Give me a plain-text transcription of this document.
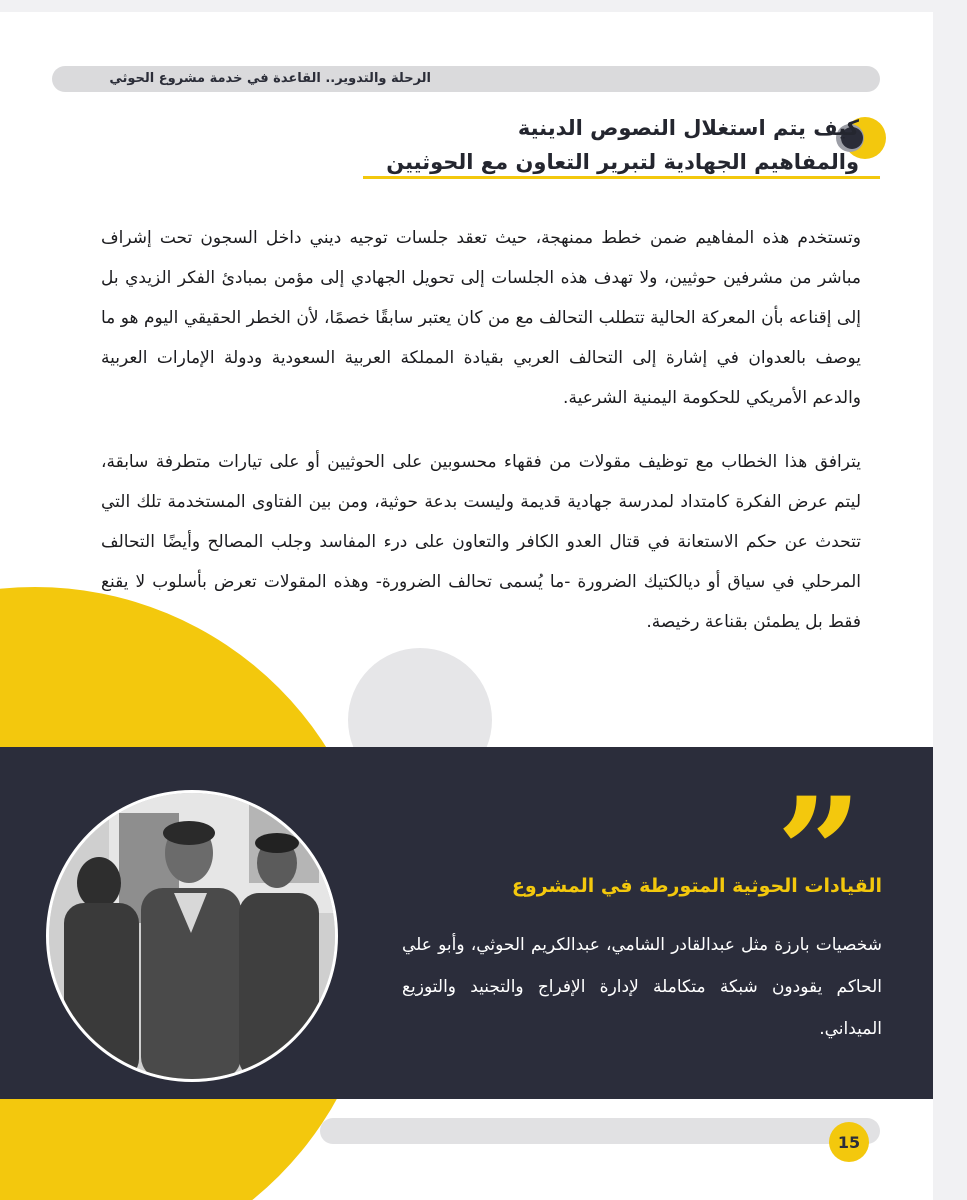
الرحلة والتدوير.. القاعدة في خدمة مشروع الحوثي
كيف يتم استغلال النصوص الدينية
والمفاهيم الجهادية لتبرير التعاون مع الحوثيين
وتستخدم هذه المفاهيم ضمن خطط ممنهجة، حيث تعقد جلسات توجيه ديني داخل السجون تحت إشراف مباشر من مشرفين حوثيين، ولا تهدف هذه الجلسات إلى تحويل الجهادي إلى مؤمن بمبادئ الفكر الزيدي بل إلى إقناعه بأن المعركة الحالية تتطلب التحالف مع من كان يعتبر سابقًا خصمًا، لأن الخطر الحقيقي اليوم هو ما يوصف بالعدوان في إشارة إلى التحالف العربي بقيادة المملكة العربية السعودية ودولة الإمارات العربية والدعم الأمريكي للحكومة اليمنية الشرعية.
يترافق هذا الخطاب مع توظيف مقولات من فقهاء محسوبين على الحوثيين أو على تيارات متطرفة سابقة، ليتم عرض الفكرة كامتداد لمدرسة جهادية قديمة وليست بدعة حوثية، ومن بين الفتاوى المستخدمة تلك التي تتحدث عن حكم الاستعانة في قتال العدو الكافر والتعاون على درء المفاسد وجلب المصالح وأيضًا التحالف المرحلي في سياق أو ديالكتيك الضرورة -ما يُسمى تحالف الضرورة- وهذه المقولات تعرض بأسلوب لا يقنع فقط بل يطمئن بقناعة رخيصة.
”
القيادات الحوثية المتورطة في المشروع
شخصيات بارزة مثل عبدالقادر الشامي، عبدالكريم الحوثي، وأبو علي الحاكم يقودون شبكة متكاملة لإدارة الإفراج والتجنيد والتوزيع الميداني.
15
